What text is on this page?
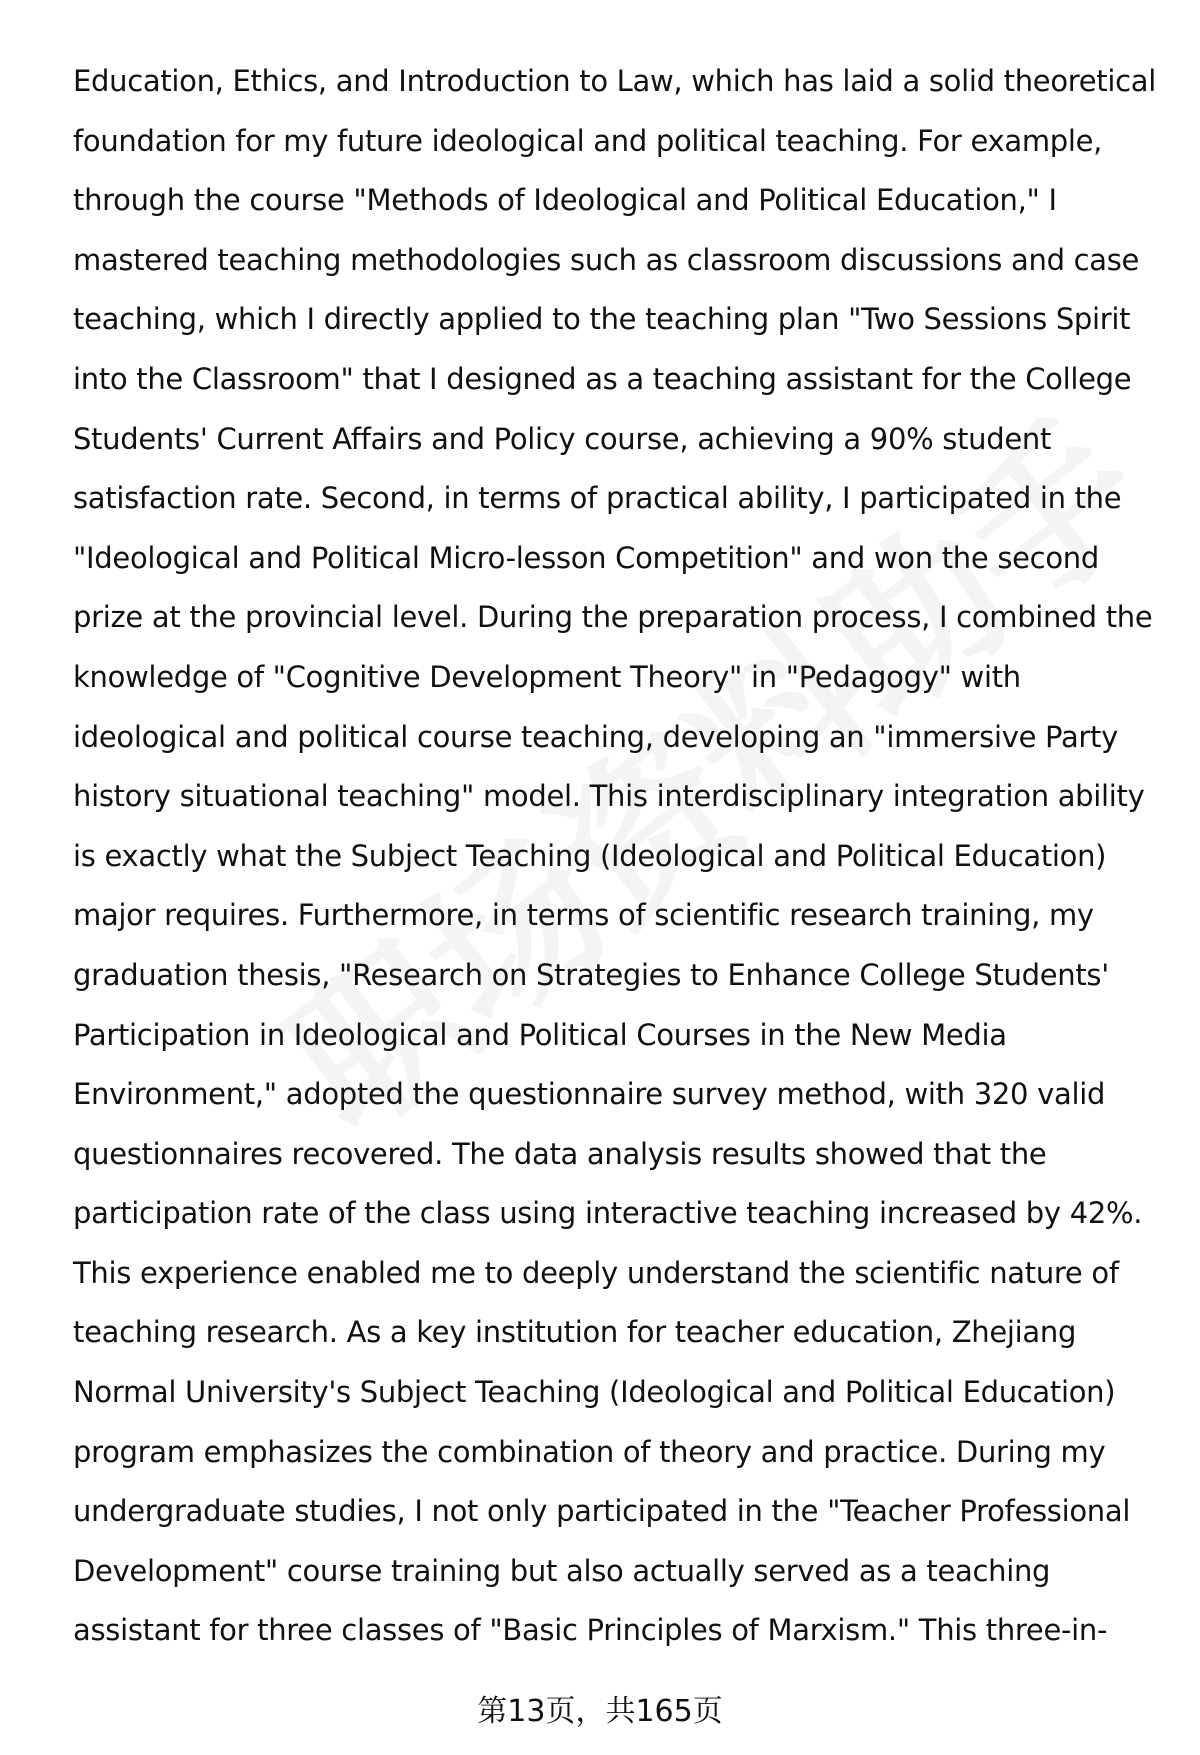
Education, Ethics, and Introduction to Law, which has laid a solid theoretical
foundation for my future ideological and political teaching. For example,
through the course "Methods of Ideological and Political Education," I
mastered teaching methodologies such as classroom discussions and case
teaching, which I directly applied to the teaching plan "Two Sessions Spirit
into the Classroom" that I designed as a teaching assistant for the College
Students' Current Affairs and Policy course, achieving a 90% student
satisfaction rate. Second, in terms of practical ability, I participated in the
"Ideological and Political Micro-lesson Competition" and won the second
prize at the provincial level. During the preparation process, I combined the
knowledge of "Cognitive Development Theory" in "Pedagogy" with
ideological and political course teaching, developing an "immersive Party
history situational teaching" model. This interdisciplinary integration ability
is exactly what the Subject Teaching (Ideological and Political Education)
major requires. Furthermore, in terms of scientific research training, my
graduation thesis, "Research on Strategies to Enhance College Students'
Participation in Ideological and Political Courses in the New Media
Environment," adopted the questionnaire survey method, with 320 valid
questionnaires recovered. The data analysis results showed that the
participation rate of the class using interactive teaching increased by 42%.
This experience enabled me to deeply understand the scientific nature of
teaching research. As a key institution for teacher education, Zhejiang
Normal University's Subject Teaching (Ideological and Political Education)
program emphasizes the combination of theory and practice. During my
undergraduate studies, I not only participated in the "Teacher Professional
Development" course training but also actually served as a teaching
assistant for three classes of "Basic Principles of Marxism." This three-in-
第13页，共165页
